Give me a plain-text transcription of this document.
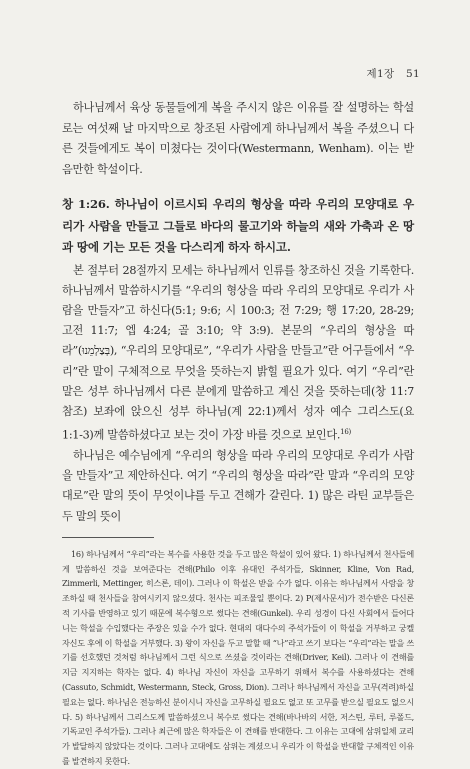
제1장 51

하나님께서 육상 동물들에게 복을 주시지 않은 이유를 잘 설명하는 학설로는 여섯째 날 마지막으로 창조된 사람에게 하나님께서 복을 주셨으니 다른 것들에게도 복이 미쳤다는 것이다(Westermann, Wenham). 이는 받음만한 학설이다.

창 1:26. 하나님이 이르시되 우리의 형상을 따라 우리의 모양대로 우리가 사람을 만들고 그들로 바다의 물고기와 하늘의 새와 가축과 온 땅과 땅에 기는 모든 것을 다스리게 하자 하시고.

본 절부터 28절까지 모세는 하나님께서 인류를 창조하신 것을 기록한다. 하나님께서 말씀하시기를 “우리의 형상을 따라 우리의 모양대로 우리가 사람을 만들자”고 하신다(5:1; 9:6; 시 100:3; 전 7:29; 행 17:20, 28-29; 고전 11:7; 엡 4:24; 골 3:10; 약 3:9). 본문의 “우리의 형상을 따라”(בְּצַלְמֵנוּ), “우리의 모양대로”, “우리가 사람을 만들고”란 어구들에서 “우리”란 말이 구체적으로 무엇을 뜻하는지 밝힐 필요가 있다. 여기 “우리”란 말은 성부 하나님께서 다른 분에게 말씀하고 계신 것을 뜻하는데(창 11:7 참조) 보좌에 앉으신 성부 하나님(계 22:1)께서 성자 예수 그리스도(요 1:1-3)께 말씀하셨다고 보는 것이 가장 바를 것으로 보인다.$^{16)}$

하나님은 예수님에게 “우리의 형상을 따라 우리의 모양대로 우리가 사람을 만들자”고 제안하신다. 여기 “우리의 형상을 따라”란 말과 “우리의 모양대로”란 말의 뜻이 무엇이냐를 두고 견해가 갈린다. 1) 많은 라틴 교부들은 두 말의 뜻이

16) 하나님께서 “우리”라는 복수를 사용한 것을 두고 많은 학설이 있어 왔다. 1) 하나님께서 천사들에게 말씀하신 것을 보여준다는 견해(Philo 이후 유대인 주석가들, Skinner, Kline, Von Rad, Zimmerli, Mettinger, 히스론, 데이). 그러나 이 학설은 받을 수가 없다. 이유는 하나님께서 사람을 창조하실 때 천사들을 참여시키지 않으셨다. 천사는 피조물일 뿐이다. 2) P(제사문서)가 전수받은 다신론적 기사를 반영하고 있기 때문에 복수형으로 썼다는 견해(Gunkel). 우리 성경이 다신 사회에서 들어다니는 학설을 수입했다는 주장은 있을 수가 없다. 현대의 대다수의 주석가들이 이 학설을 거부하고 궁켈 자신도 후에 이 학설을 거부했다. 3) 왕이 자신을 두고 말할 때 “나”라고 쓰기 보다는 “우리”라는 말을 쓰기를 선호했던 것처럼 하나님께서 그런 식으로 쓰셨을 것이라는 견해(Driver, Keil). 그러나 이 견해를 지금 지지하는 학자는 없다. 4) 하나님 자신이 자신을 고무하기 위해서 복수를 사용하셨다는 견해(Cassuto, Schmidt, Westermann, Steck, Gross, Dion). 그러나 하나님께서 자신을 고무(격려)하실 필요는 없다. 하나님은 전능하신 분이시니 자신을 고무하실 필요도 없고 또 고무를 받으실 필요도 없으시다. 5) 하나님께서 그리스도께 말씀하셨으니 복수로 썼다는 견해(바나바의 서한, 저스틴, 루터, 루폴드, 기독교인 주석가들). 그러나 최근에 많은 학자들은 이 견해를 반대한다. 그 이유는 고대에 삼위일체 교리가 발달하지 않았다는 것이다. 그러나 고대에도 삼위는 계셨으니 우리가 이 학설을 반대할 구체적인 이유를 발견하지 못한다.
